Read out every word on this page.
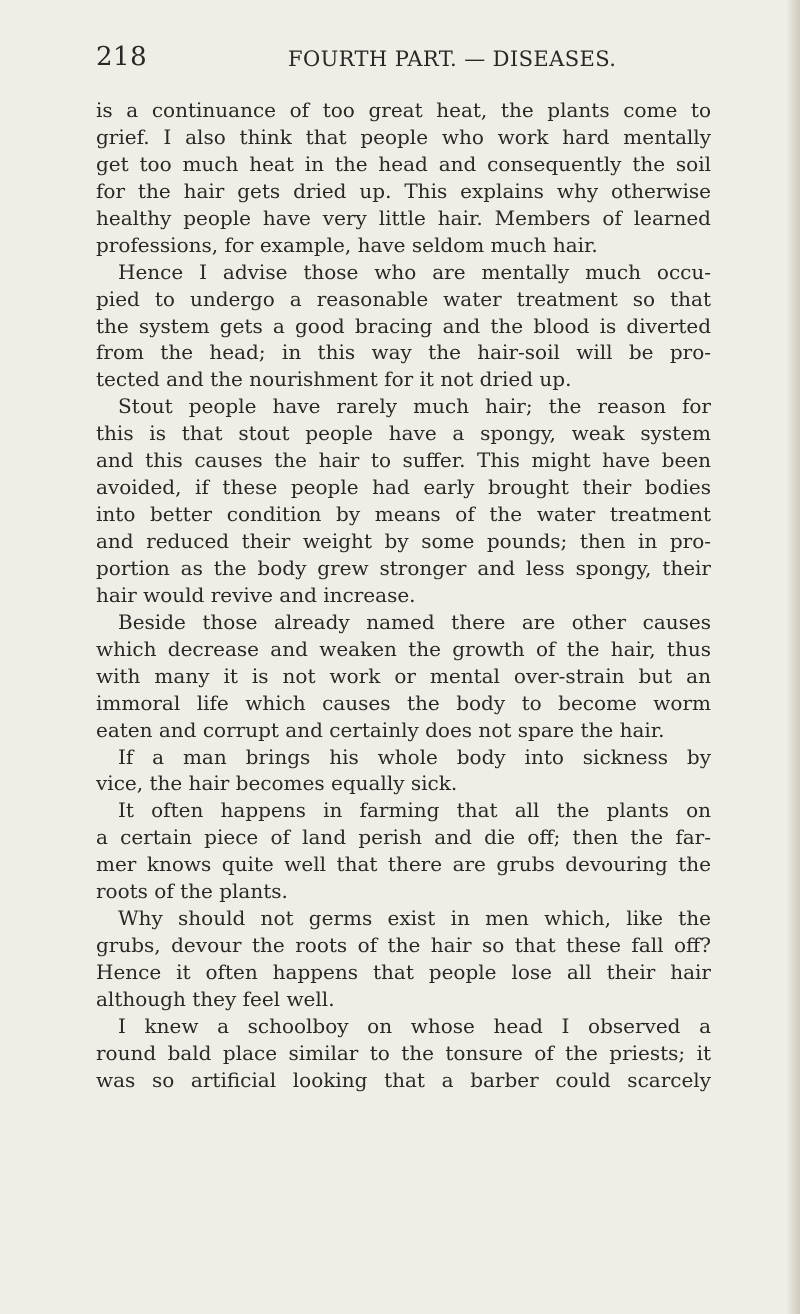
218	FOURTH PART. — DISEASES.
is a continuance of too great heat, the plants come to
grief. I also think that people who work hard mentally
get too much heat in the head and consequently the soil
for the hair gets dried up. This explains why otherwise
healthy people have very little hair. Members of learned
professions, for example, have seldom much hair.
Hence I advise those who are mentally much occu-
pied to undergo a reasonable water treatment so that
the system gets a good bracing and the blood is diverted
from the head; in this way the hair-soil will be pro-
tected and the nourishment for it not dried up.
Stout people have rarely much hair; the reason for
this is that stout people have a spongy, weak system
and this causes the hair to suffer. This might have been
avoided, if these people had early brought their bodies
into better condition by means of the water treatment
and reduced their weight by some pounds; then in pro-
portion as the body grew stronger and less spongy, their
hair would revive and increase.
Beside those already named there are other causes
which decrease and weaken the growth of the hair, thus
with many it is not work or mental over-strain but an
immoral life which causes the body to become worm
eaten and corrupt and certainly does not spare the hair.
If a man brings his whole body into sickness by
vice, the hair becomes equally sick.
It often happens in farming that all the plants on
a certain piece of land perish and die off; then the far-
mer knows quite well that there are grubs devouring the
roots of the plants.
Why should not germs exist in men which, like the
grubs, devour the roots of the hair so that these fall off?
Hence it often happens that people lose all their hair
although they feel well.
I knew a schoolboy on whose head I observed a
round bald place similar to the tonsure of the priests; it
was so artificial looking that a barber could scarcely
